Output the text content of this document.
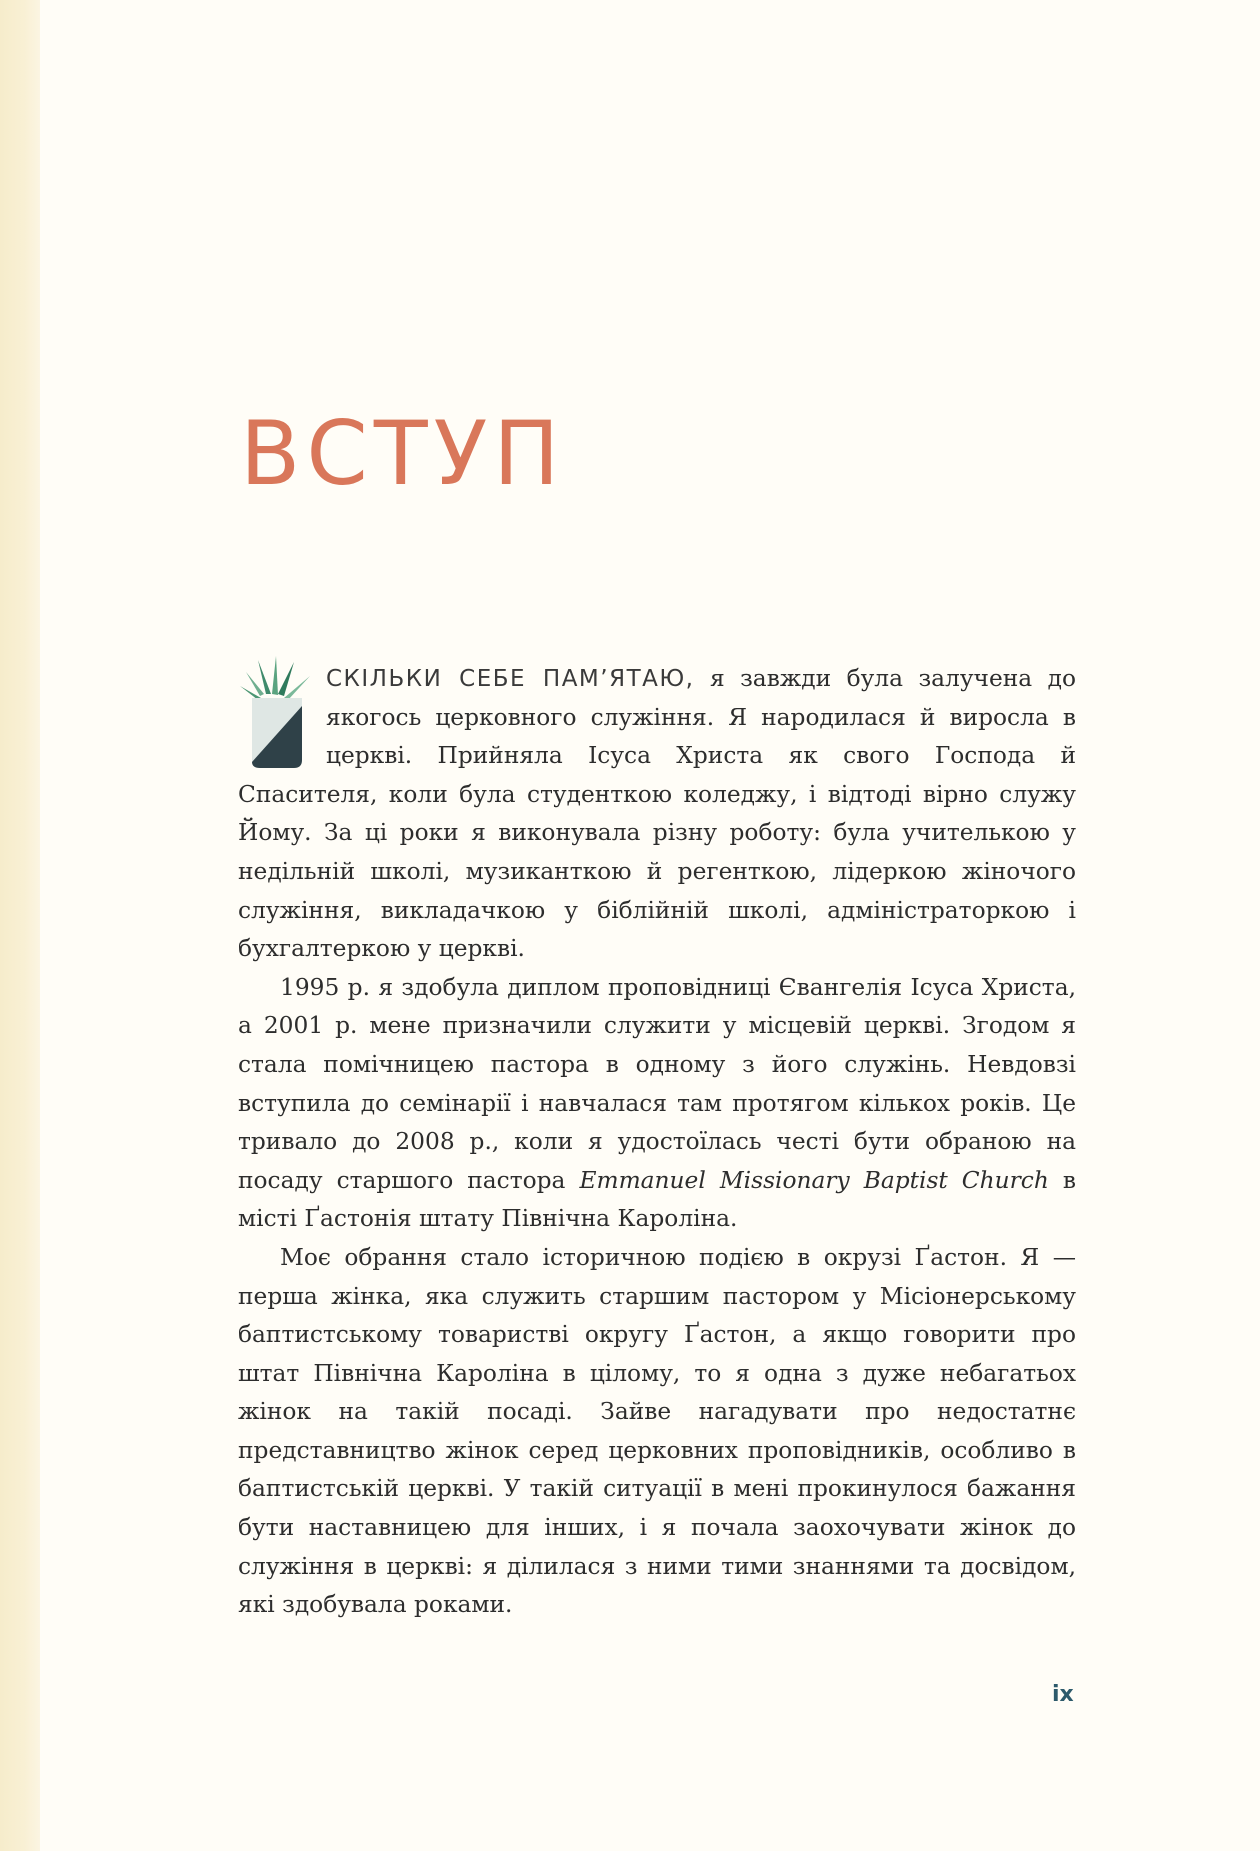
ВСТУП

СКІЛЬКИ СЕБЕ ПАМ’ЯТАЮ, я завжди була залучена до якогось церковного служіння. Я народилася й виросла в церкві. Прийняла Ісуса Христа як свого Господа й Спасителя, коли була студенткою коледжу, і відтоді вірно служу Йому. За ці роки я виконувала різну роботу: була учителькою у недільній школі, музиканткою й регенткою, лідеркою жіночого служіння, викладачкою у біблійній школі, адміністраторкою і бухгалтеркою у церкві.

1995 р. я здобула диплом проповідниці Євангелія Ісуса Христа, а 2001 р. мене призначили служити у місцевій церкві. Згодом я стала помічницею пастора в одному з його служінь. Невдовзі вступила до семінарії і навчалася там протягом кількох років. Це тривало до 2008 р., коли я удостоїлась честі бути обраною на посаду старшого пастора Emmanuel Missionary Baptist Church в місті Ґастонія штату Північна Кароліна.

Моє обрання стало історичною подією в окрузі Ґастон. Я — перша жінка, яка служить старшим пастором у Місіонерському баптистському товаристві округу Ґастон, а якщо говорити про штат Північна Кароліна в цілому, то я одна з дуже небагатьох жінок на такій посаді. Зайве нагадувати про недостатнє представництво жінок серед церковних проповідників, особливо в баптистській церкві. У такій ситуації в мені прокинулося бажання бути наставницею для інших, і я почала заохочувати жінок до служіння в церкві: я ділилася з ними тими знаннями та досвідом, які здобувала роками.

ix
